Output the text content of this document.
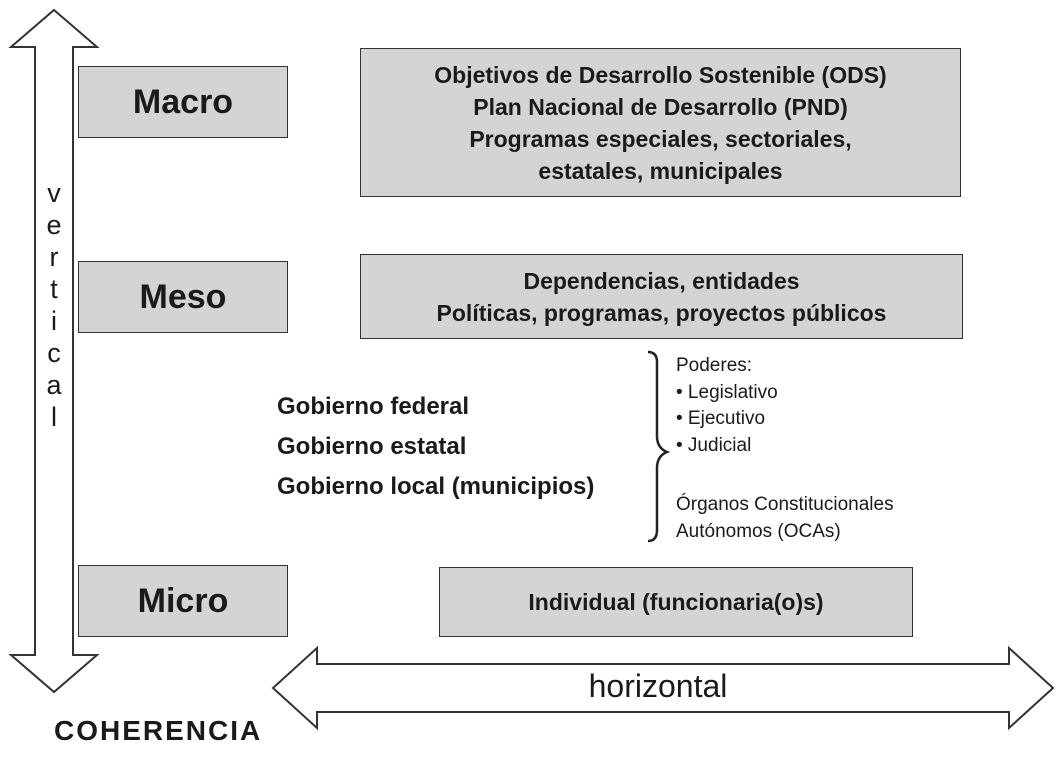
v
e
r
t
i
c
a
l
Macro
Meso
Micro
Objetivos de Desarrollo Sostenible (ODS)
Plan Nacional de Desarrollo (PND)
Programas especiales, sectoriales,
estatales, municipales
Dependencias, entidades
Políticas, programas, proyectos públicos
Gobierno federal
Gobierno estatal
Gobierno local (municipios)
Poderes:
• Legislativo
• Ejecutivo
• Judicial
Órganos Constitucionales
Autónomos (OCAs)
Individual (funcionaria(o)s)
horizontal
COHERENCIA
